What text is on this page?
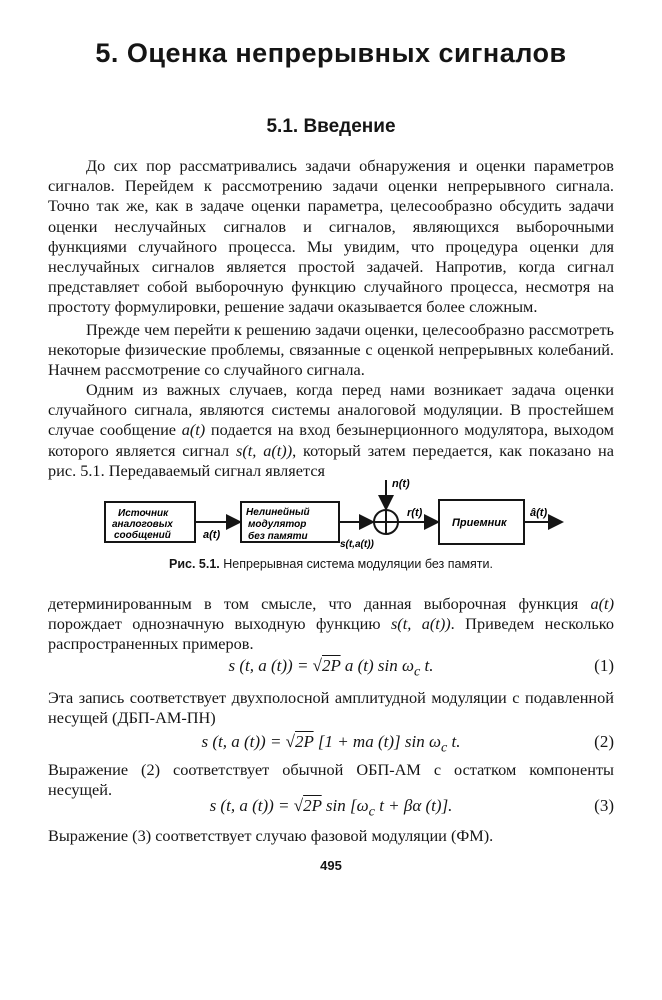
5. Оценка непрерывных сигналов
5.1. Введение

До сих пор рассматривались задачи обнаружения и оценки параметров сигналов. Перейдем к рассмотрению задачи оценки непрерывного сигнала. Точно так же, как в задаче оценки параметра, целесообразно обсудить задачи оценки неслучайных сигналов и сигналов, являющихся выборочными функциями случайного процесса. Мы увидим, что процедура оценки для неслучайных сигналов является простой задачей. Напротив, когда сигнал представляет собой выборочную функцию случайного процесса, несмотря на простоту формулировки, решение задачи оказывается более сложным.

Прежде чем перейти к решению задачи оценки, целесообразно рассмотреть некоторые физические проблемы, связанные с оценкой непрерывных колебаний. Начнем рассмотрение со случайного сигнала.

Одним из важных случаев, когда перед нами возникает задача оценки случайного сигнала, являются системы аналоговой модуляции. В простейшем случае сообщение a(t) подается на вход безынерционного модулятора, выходом которого является сигнал s(t, a(t)), который затем передается, как показано на рис. 5.1. Передаваемый сигнал является

Источник
аналоговых
сообщений	a(t)
Нелинейный
модулятор
без памяти
s(t,a(t))
n(t)
r(t)
Приемник
â(t)
Рис. 5.1. Непрерывная система модуляции без памяти.

детерминированным в том смысле, что данная выборочная функция a(t) порождает однозначную выходную функцию s(t, a(t)). Приведем несколько распространенных примеров.

s (t, a (t)) = √2P a (t) $\sin \omega_c$ t.	(1)

Эта запись соответствует двухполосной амплитудной модуляции с подавленной несущей (ДБП-АМ-ПН)

s (t, a (t)) = √2P [1 + ma (t)] $\sin \omega_c$ t.	(2)

Выражение (2) соответствует обычной ОБП-АМ с остатком компоненты несущей.

s (t, a (t)) = √2P $\sin [\omega_c$ t + βα (t)].	(3)

Выражение (3) соответствует случаю фазовой модуляции (ФМ).

495
